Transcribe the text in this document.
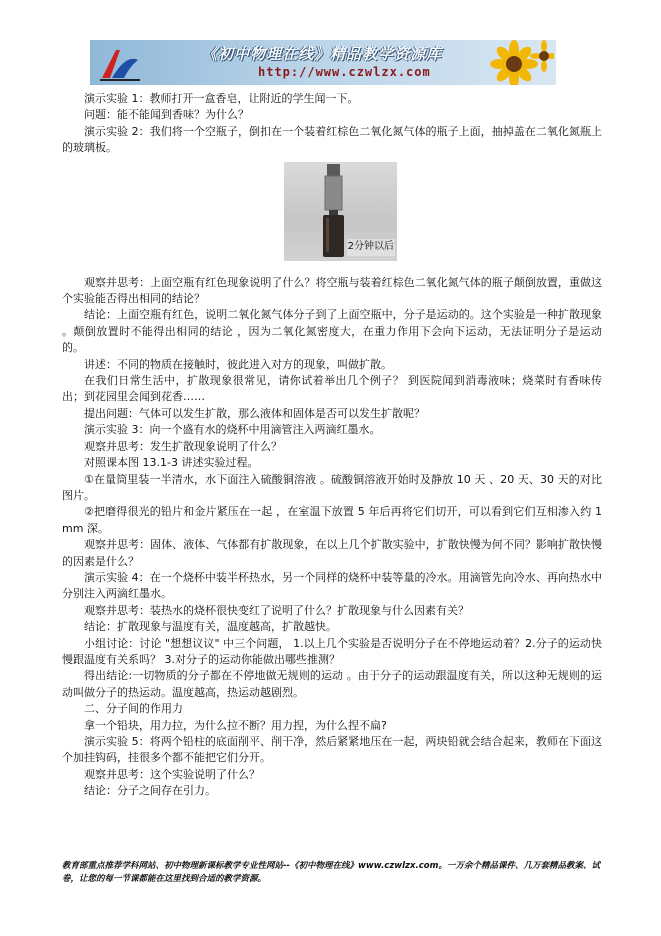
《初中物理在线》精品教学资源库
http://www.czwlzx.com

演示实验 1：教师打开一盒香皂，让附近的学生闻一下。

问题：能不能闻到香味？为什么？

演示实验 2：我们将一个空瓶子，倒扣在一个装着红棕色二氧化氮气体的瓶子上面，抽掉盖在二氧化氮瓶上的玻璃板。

2分钟以后

观察并思考：上面空瓶有红色现象说明了什么？将空瓶与装着红棕色二氧化氮气体的瓶子颠倒放置，重做这个实验能否得出相同的结论？

结论：上面空瓶有红色，说明二氧化氮气体分子到了上面空瓶中，分子是运动的。这个实验是一种扩散现象 。颠倒放置时不能得出相同的结论 ，因为二氧化氮密度大，在重力作用下会向下运动，无法证明分子是运动的。

讲述：不同的物质在接触时，彼此进入对方的现象，叫做扩散。

在我们日常生活中，扩散现象很常见，请你试着举出几个例子？ 到医院闻到消毒液味；烧菜时有香味传出；到花园里会闻到花香……

提出问题：气体可以发生扩散，那么液体和固体是否可以发生扩散呢？

演示实验 3：向一个盛有水的烧杯中用滴管注入两滴红墨水。

观察并思考：发生扩散现象说明了什么？

对照课本图 13.1-3 讲述实验过程。

①在量筒里装一半清水，水下面注入硫酸铜溶液 。硫酸铜溶液开始时及静放 10 天 、20 天、30 天的对比图片。

②把磨得很光的铅片和金片紧压在一起 ，在室温下放置 5 年后再将它们切开，可以看到它们互相渗入约 1 mm 深。

观察并思考：固体、液体、气体都有扩散现象，在以上几个扩散实验中，扩散快慢为何不同？影响扩散快慢的因素是什么？

演示实验 4：在一个烧杯中装半杯热水，另一个同样的烧杯中装等量的冷水。用滴管先向冷水、再向热水中分别注入两滴红墨水。

观察并思考：装热水的烧杯很快变红了说明了什么？扩散现象与什么因素有关？

结论：扩散现象与温度有关，温度越高，扩散越快。

小组讨论：讨论 "想想议议" 中三个问题， 1.以上几个实验是否说明分子在不停地运动着？2.分子的运动快慢跟温度有关系吗？ 3.对分子的运动你能做出哪些推测？

得出结论:一切物质的分子都在不停地做无规则的运动 。由于分子的运动跟温度有关，所以这种无规则的运动叫做分子的热运动。温度越高，热运动越剧烈。

二、分子间的作用力

拿一个铅块，用力拉，为什么拉不断？用力捏，为什么捏不扁?

演示实验 5：将两个铅柱的底面削平、削干净，然后紧紧地压在一起，两块铅就会结合起来，教师在下面这个加挂钩码，挂很多个都不能把它们分开。

观察并思考：这个实验说明了什么？

结论：分子之间存在引力。

教育部重点推荐学科网站、初中物理新课标教学专业性网站--《初中物理在线》www.czwlzx.com。一万余个精品课件、几万套精品教案、试卷，让您的每一节课都能在这里找到合适的教学资源。
